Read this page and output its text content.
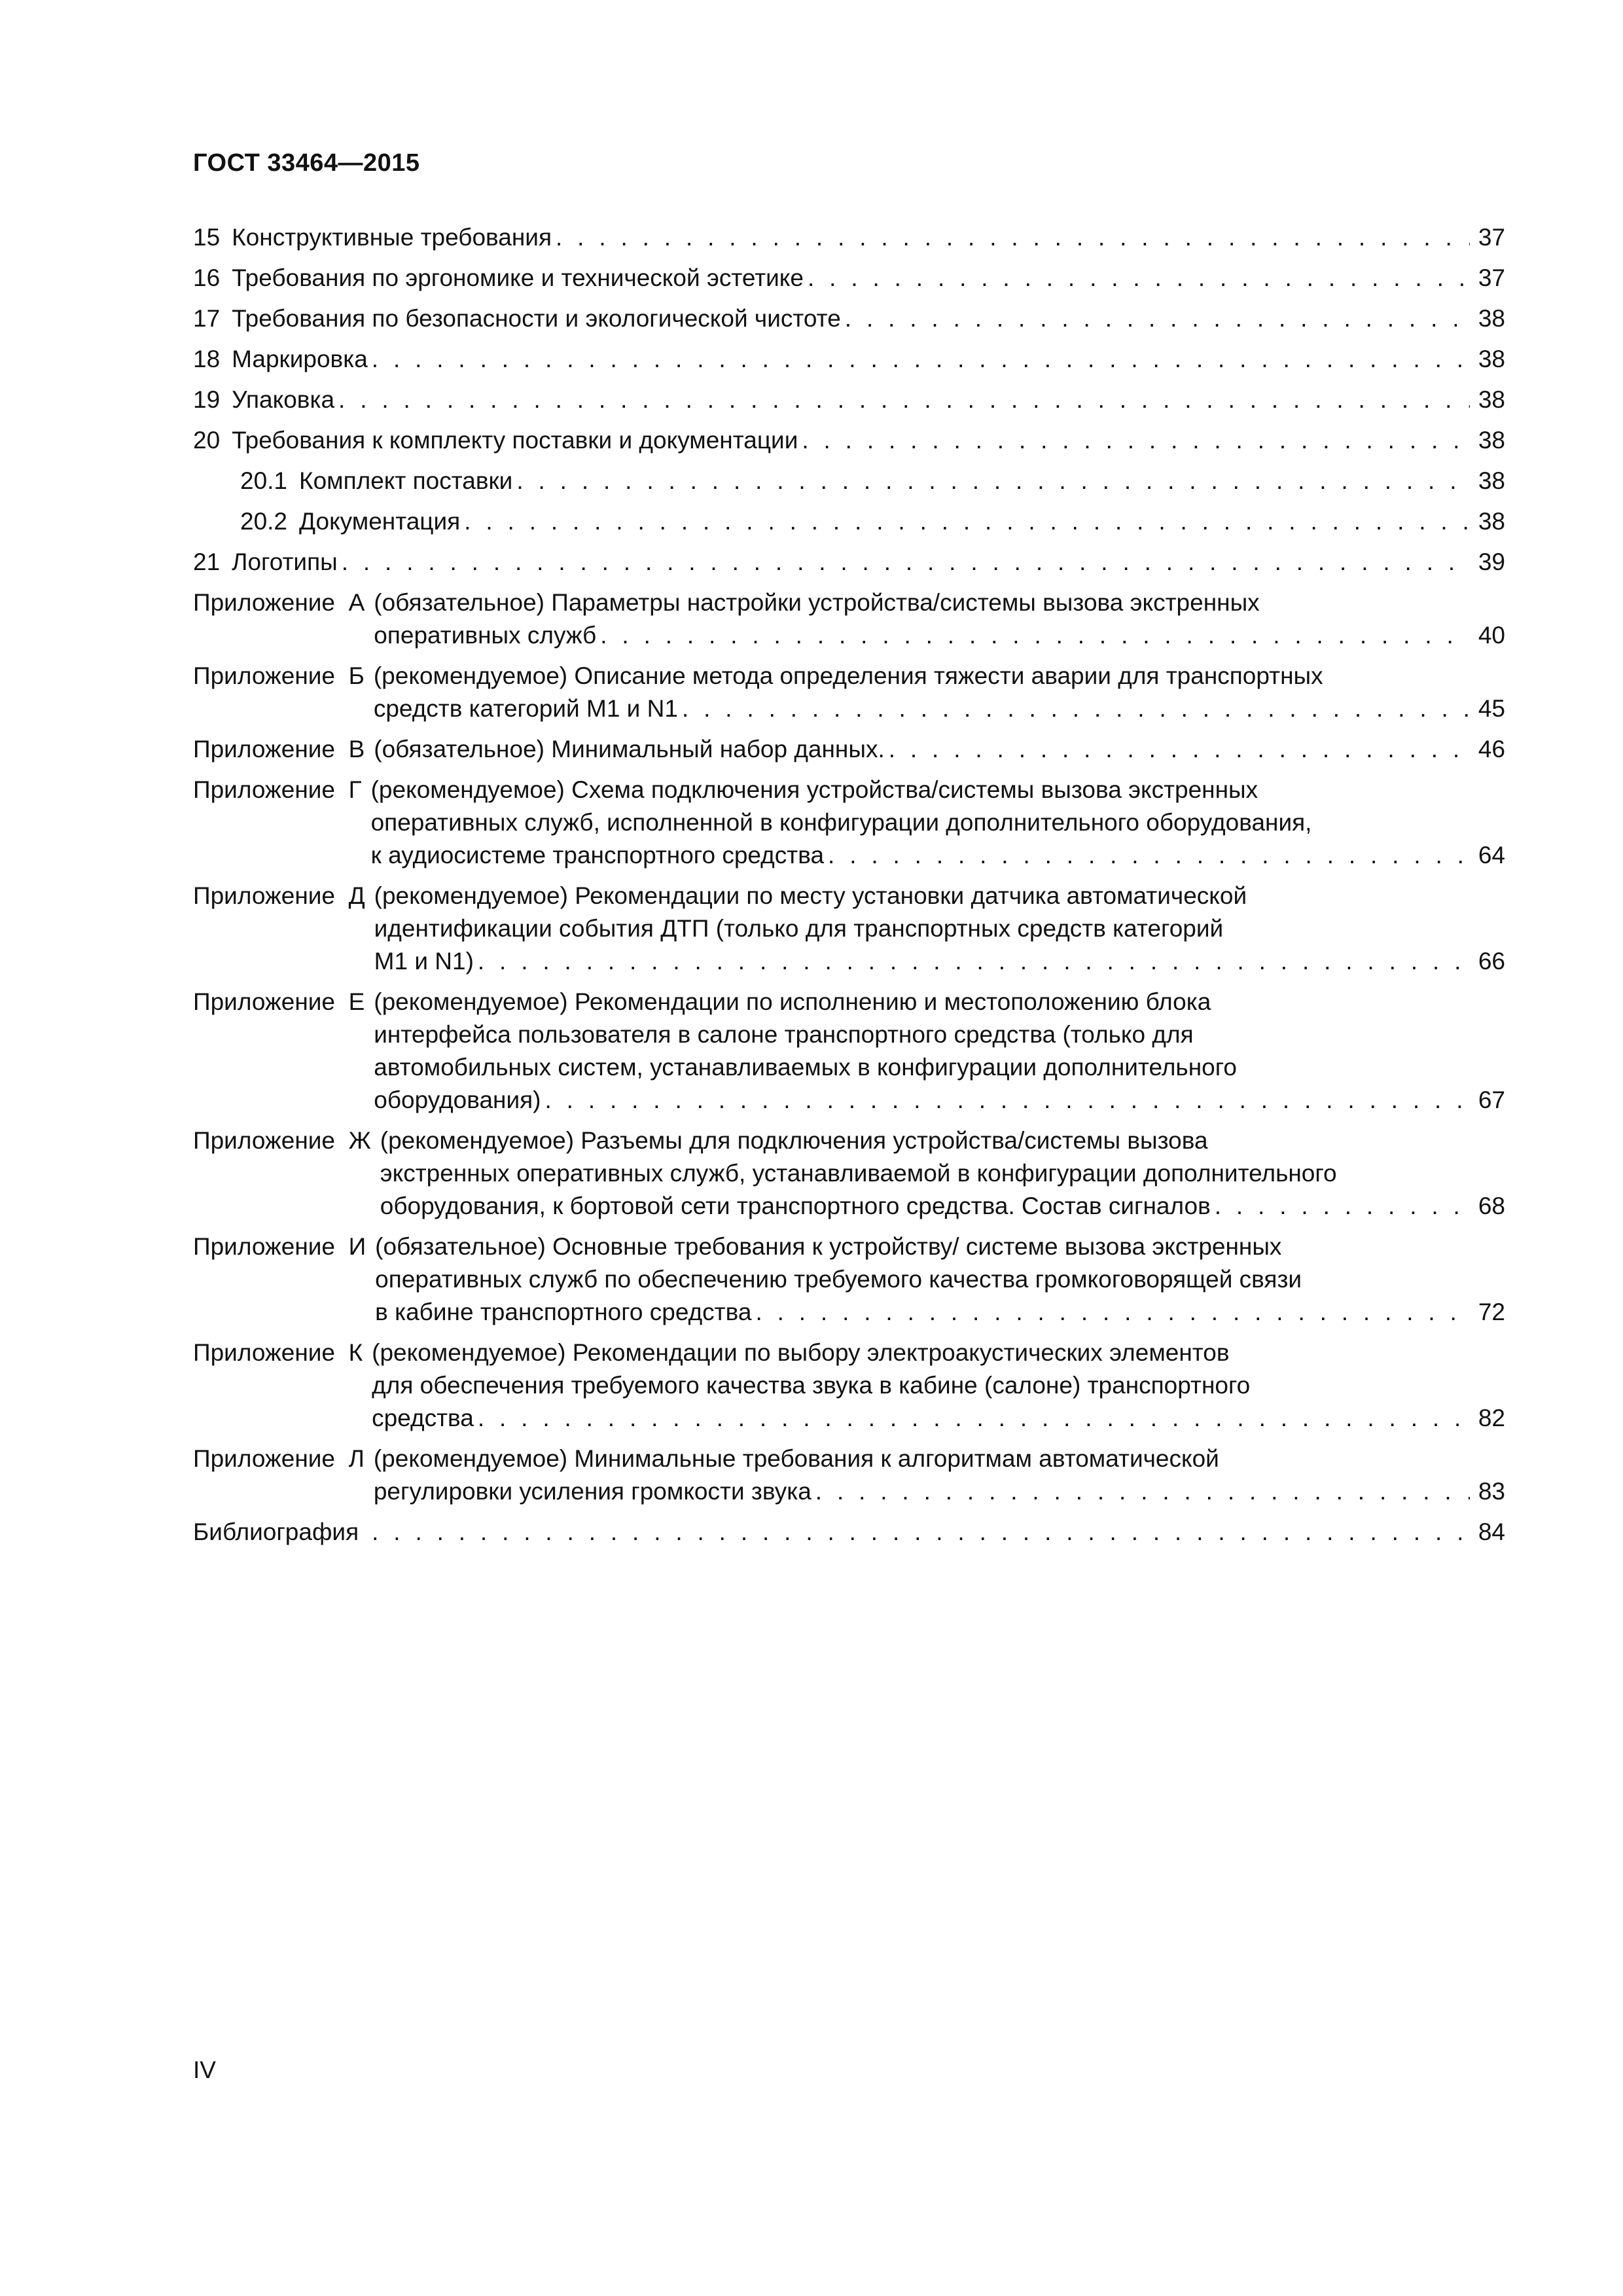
ГОСТ 33464—2015
15 Конструктивные требования . . .	37
16 Требования по эргономике и технической эстетике . . .	37
17 Требования по безопасности и экологической чистоте . . .	38
18 Маркировка . . .	38
19 Упаковка . . .	38
20 Требования к комплекту поставки и документации . . .	38
20.1 Комплект поставки . . .	38
20.2 Документация . . .	38
21 Логотипы . . .	39
Приложение  А (обязательное) Параметры настройки устройства/системы вызова экстренных
оперативных служб . . .	40
Приложение  Б (рекомендуемое) Описание метода определения тяжести аварии для транспортных
средств категорий М1 и N1 . . .	45
Приложение  В (обязательное) Минимальный набор данных. . . .	46
Приложение  Г (рекомендуемое) Схема подключения устройства/системы вызова экстренных
оперативных служб, исполненной в конфигурации дополнительного оборудования,
к аудиосистеме транспортного средства . . .	64
Приложение  Д (рекомендуемое) Рекомендации по месту установки датчика автоматической
идентификации события ДТП (только для транспортных средств категорий
М1 и N1) . . .	66
Приложение  Е (рекомендуемое) Рекомендации по исполнению и местоположению блока
интерфейса пользователя в салоне транспортного средства (только для
автомобильных систем, устанавливаемых в конфигурации дополнительного
оборудования) . . .	67
Приложение  Ж (рекомендуемое) Разъемы для подключения устройства/системы вызова
экстренных оперативных служб, устанавливаемой в конфигурации дополнительного
оборудования, к бортовой сети транспортного средства. Состав сигналов . . .	68
Приложение  И (обязательное) Основные требования к устройству/ системе вызова экстренных
оперативных служб по обеспечению требуемого качества громкоговорящей связи
в кабине транспортного средства . . .	72
Приложение  К (рекомендуемое) Рекомендации по выбору электроакустических элементов
для обеспечения требуемого качества звука в кабине (салоне) транспортного
средства . . .	82
Приложение  Л (рекомендуемое) Минимальные требования к алгоритмам автоматической
регулировки усиления громкости звука . . .	83
Библиография . . .	84
IV
